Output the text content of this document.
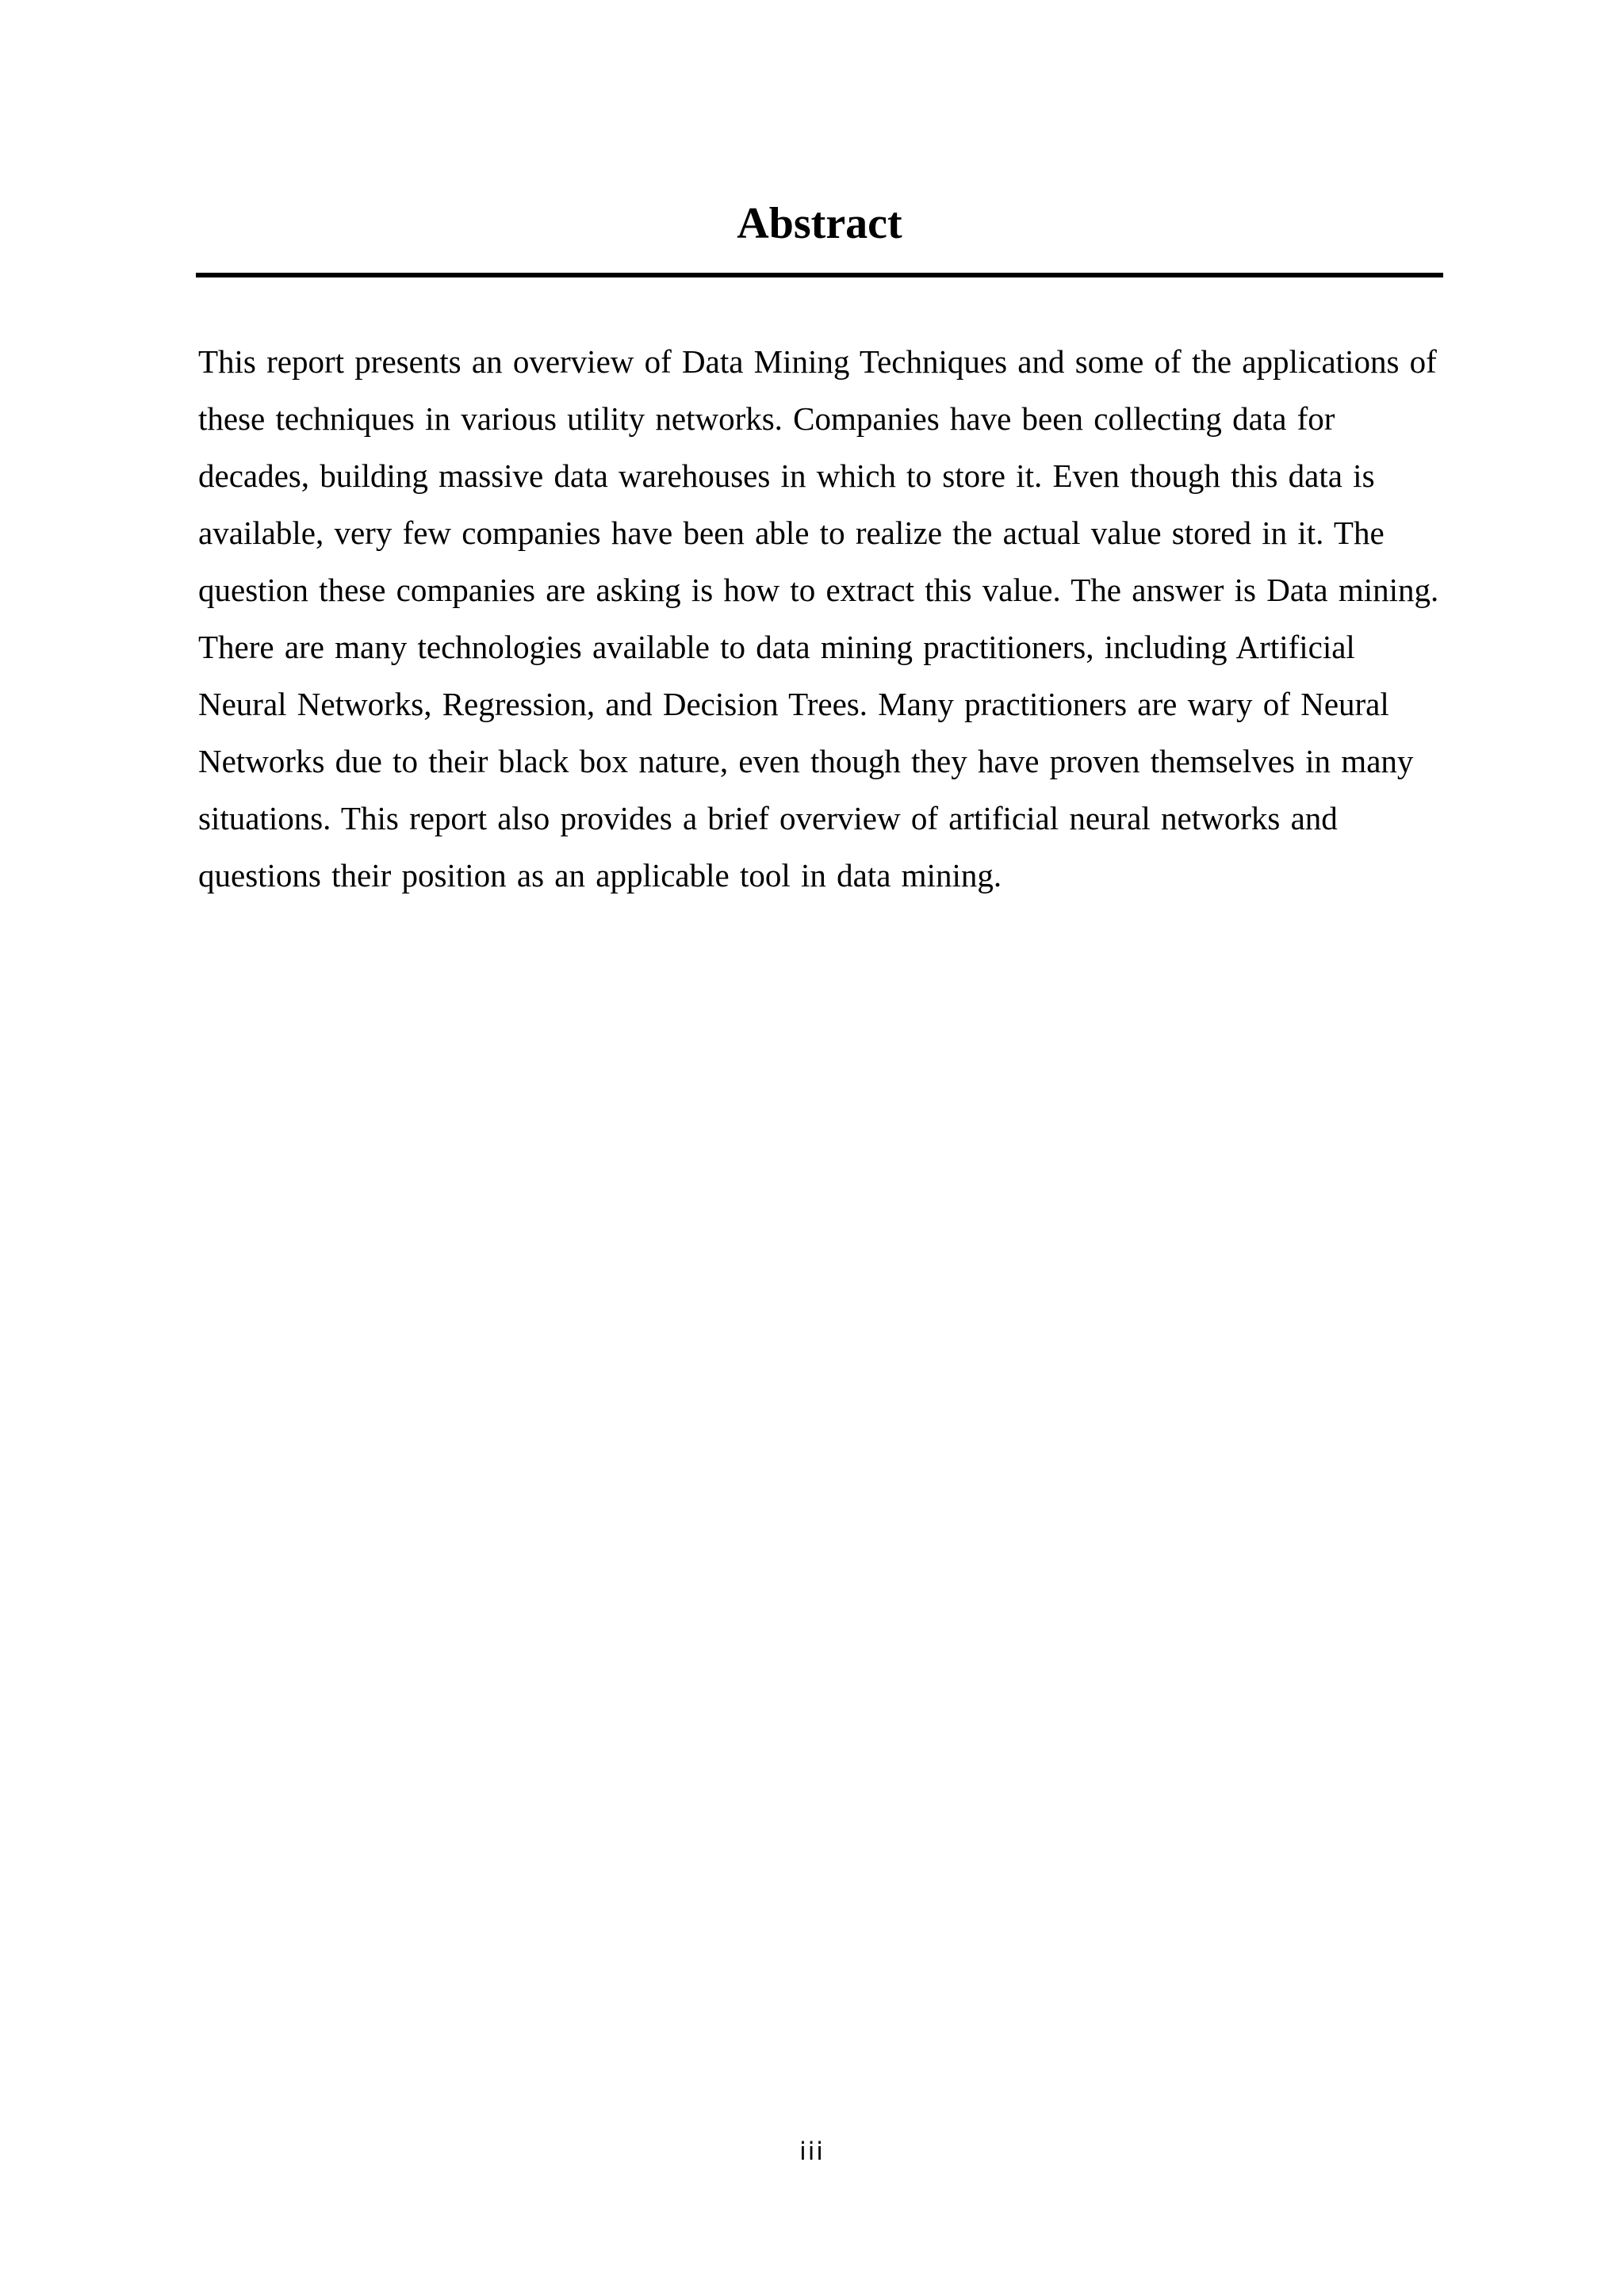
Abstract
This report presents an overview of Data Mining Techniques and some of the applications of
these techniques in various utility networks. Companies have been collecting data for
decades, building massive data warehouses in which to store it. Even though this data is
available, very few companies have been able to realize the actual value stored in it. The
question these companies are asking is how to extract this value. The answer is Data mining.
There are many technologies available to data mining practitioners, including Artificial
Neural Networks, Regression, and Decision Trees. Many practitioners are wary of Neural
Networks due to their black box nature, even though they have proven themselves in many
situations. This report also provides a brief overview of artificial neural networks and
questions their position as an applicable tool in data mining.
iii
